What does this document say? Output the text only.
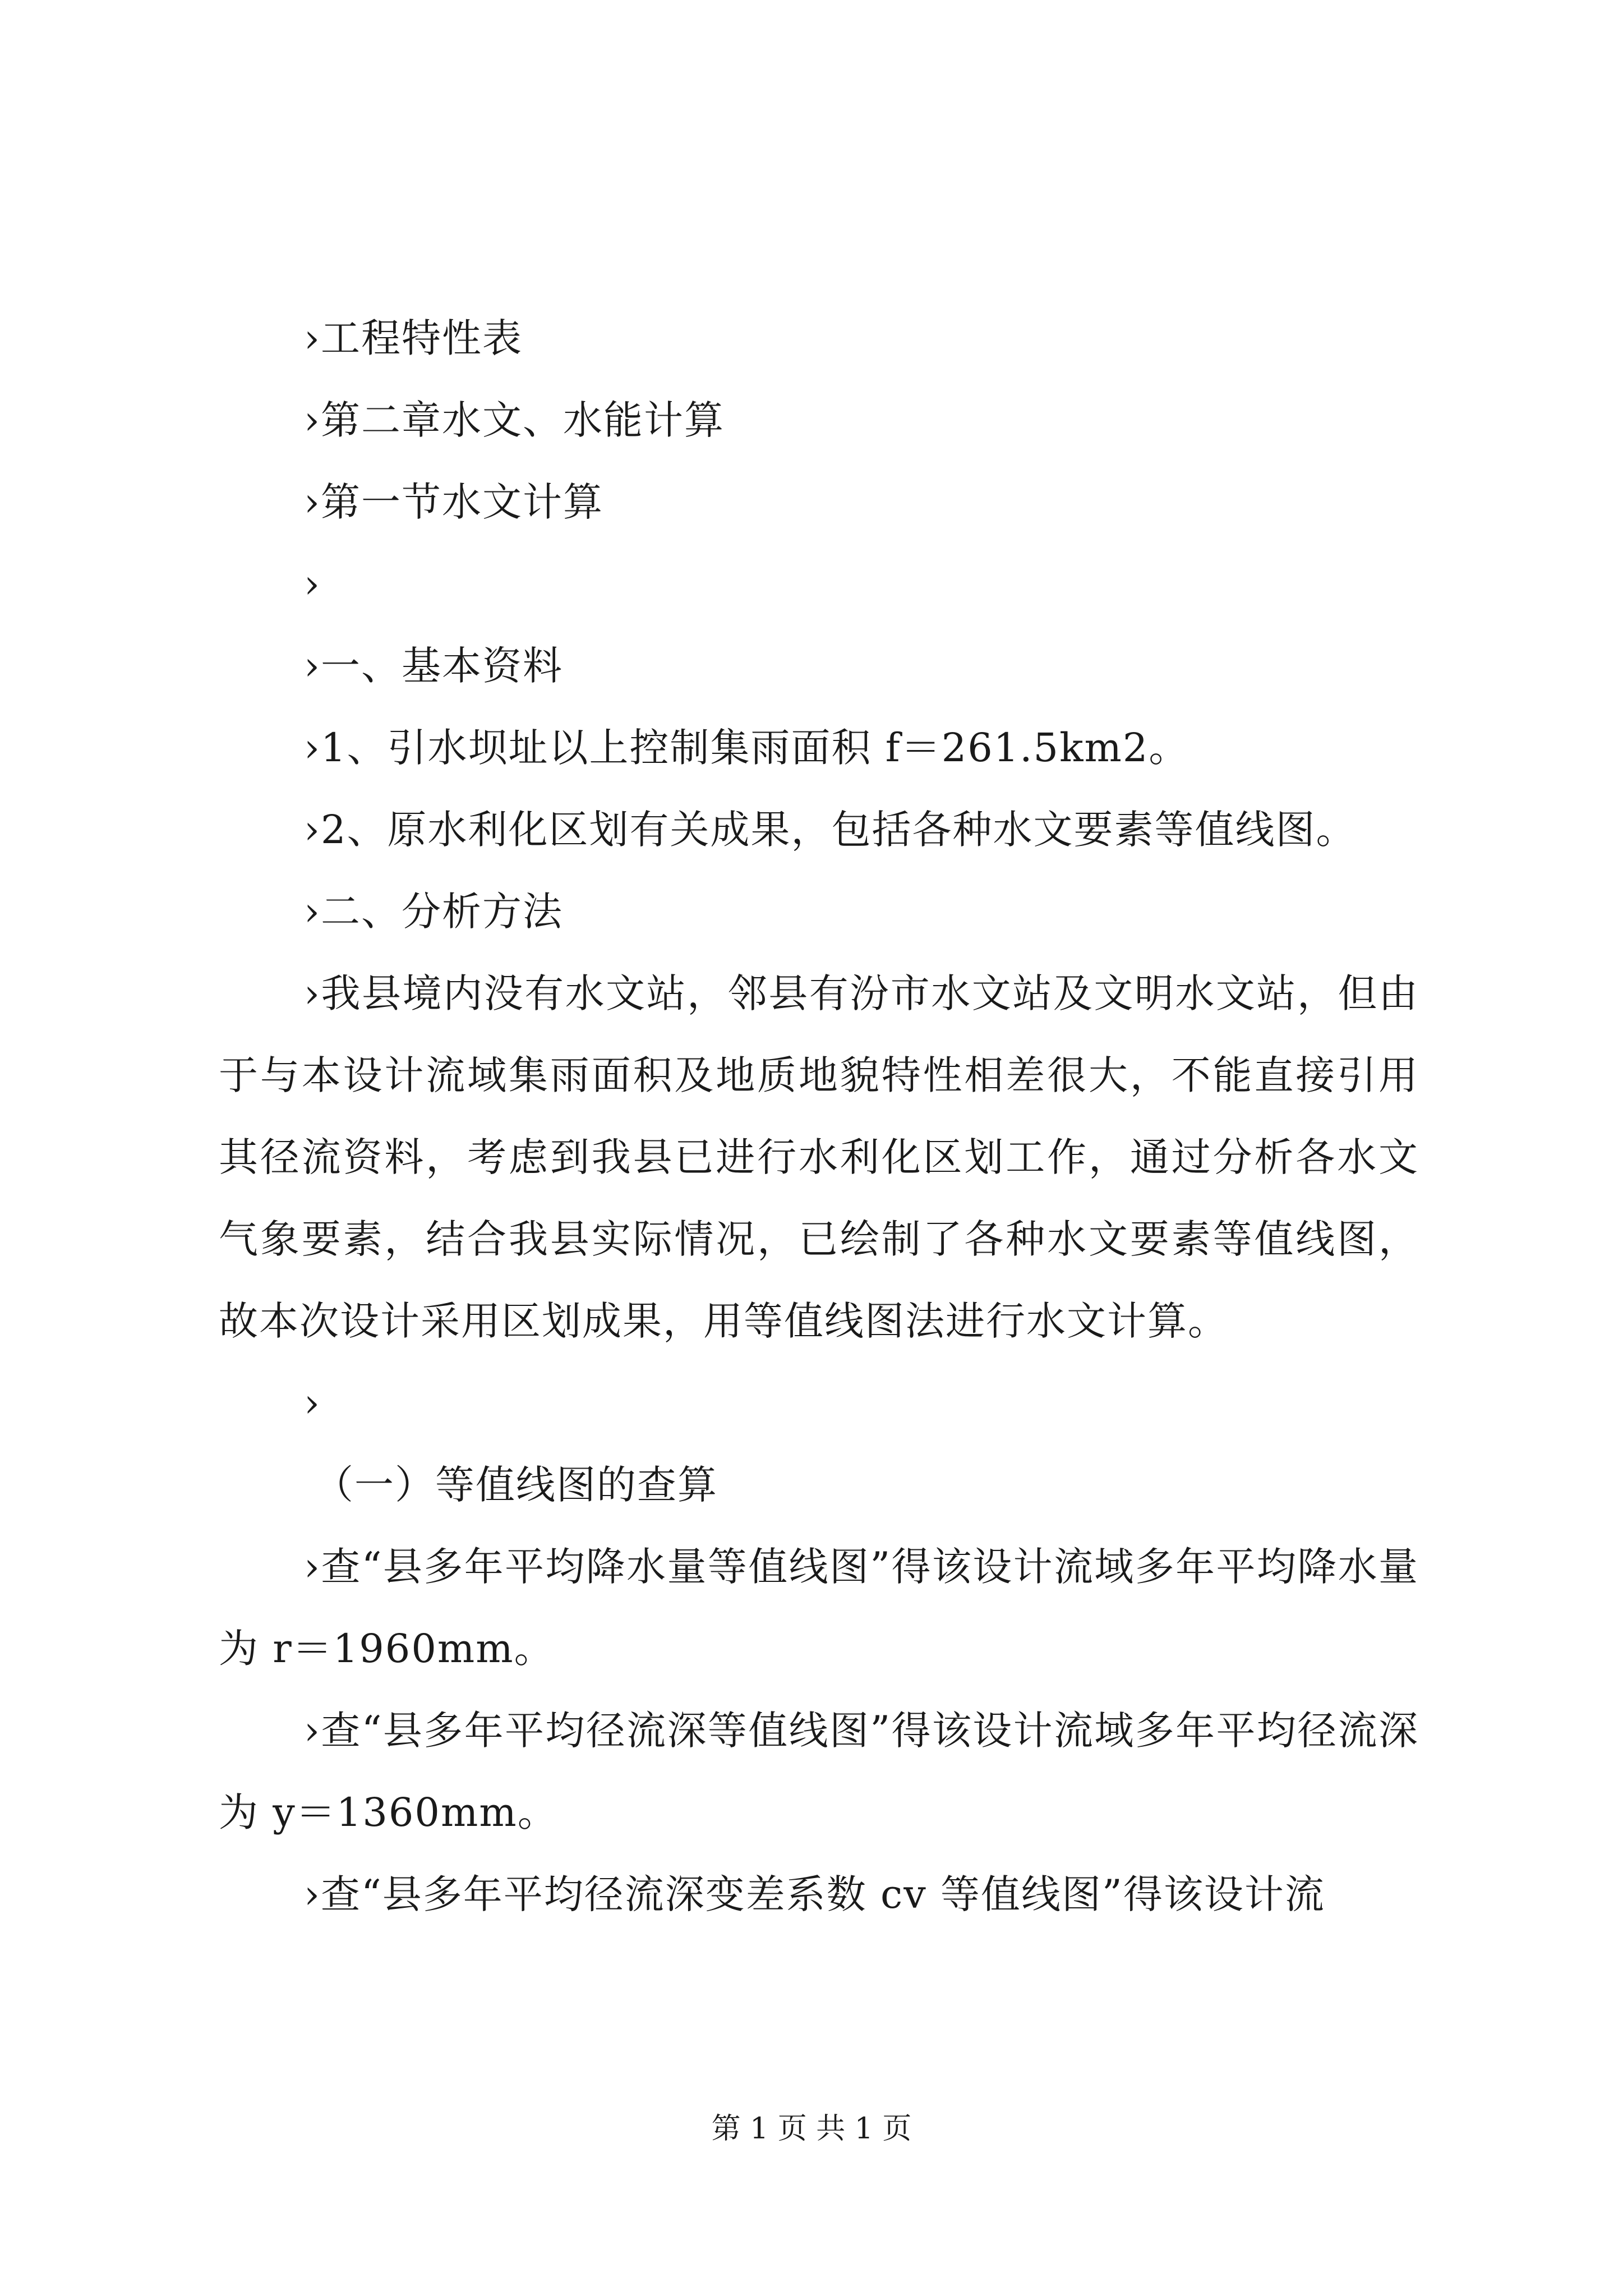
›工程特性表
›第二章水文、水能计算
›第一节水文计算
›
›一、基本资料
›1、引水坝址以上控制集雨面积 f＝261.5km2。
›2、原水利化区划有关成果，包括各种水文要素等值线图。
›二、分析方法

›我县境内没有水文站，邻县有汾市水文站及文明水文站，但由于与本设计流域集雨面积及地质地貌特性相差很大，不能直接引用其径流资料，考虑到我县已进行水利化区划工作，通过分析各水文气象要素，结合我县实际情况，已绘制了各种水文要素等值线图，故本次设计采用区划成果，用等值线图法进行水文计算。

›
（一）等值线图的查算

›查“县多年平均降水量等值线图”得该设计流域多年平均降水量为 r＝1960mm。

›查“县多年平均径流深等值线图”得该设计流域多年平均径流深为 y＝1360mm。

›查“县多年平均径流深变差系数 cv 等值线图”得该设计流

第 1 页 共 1 页
